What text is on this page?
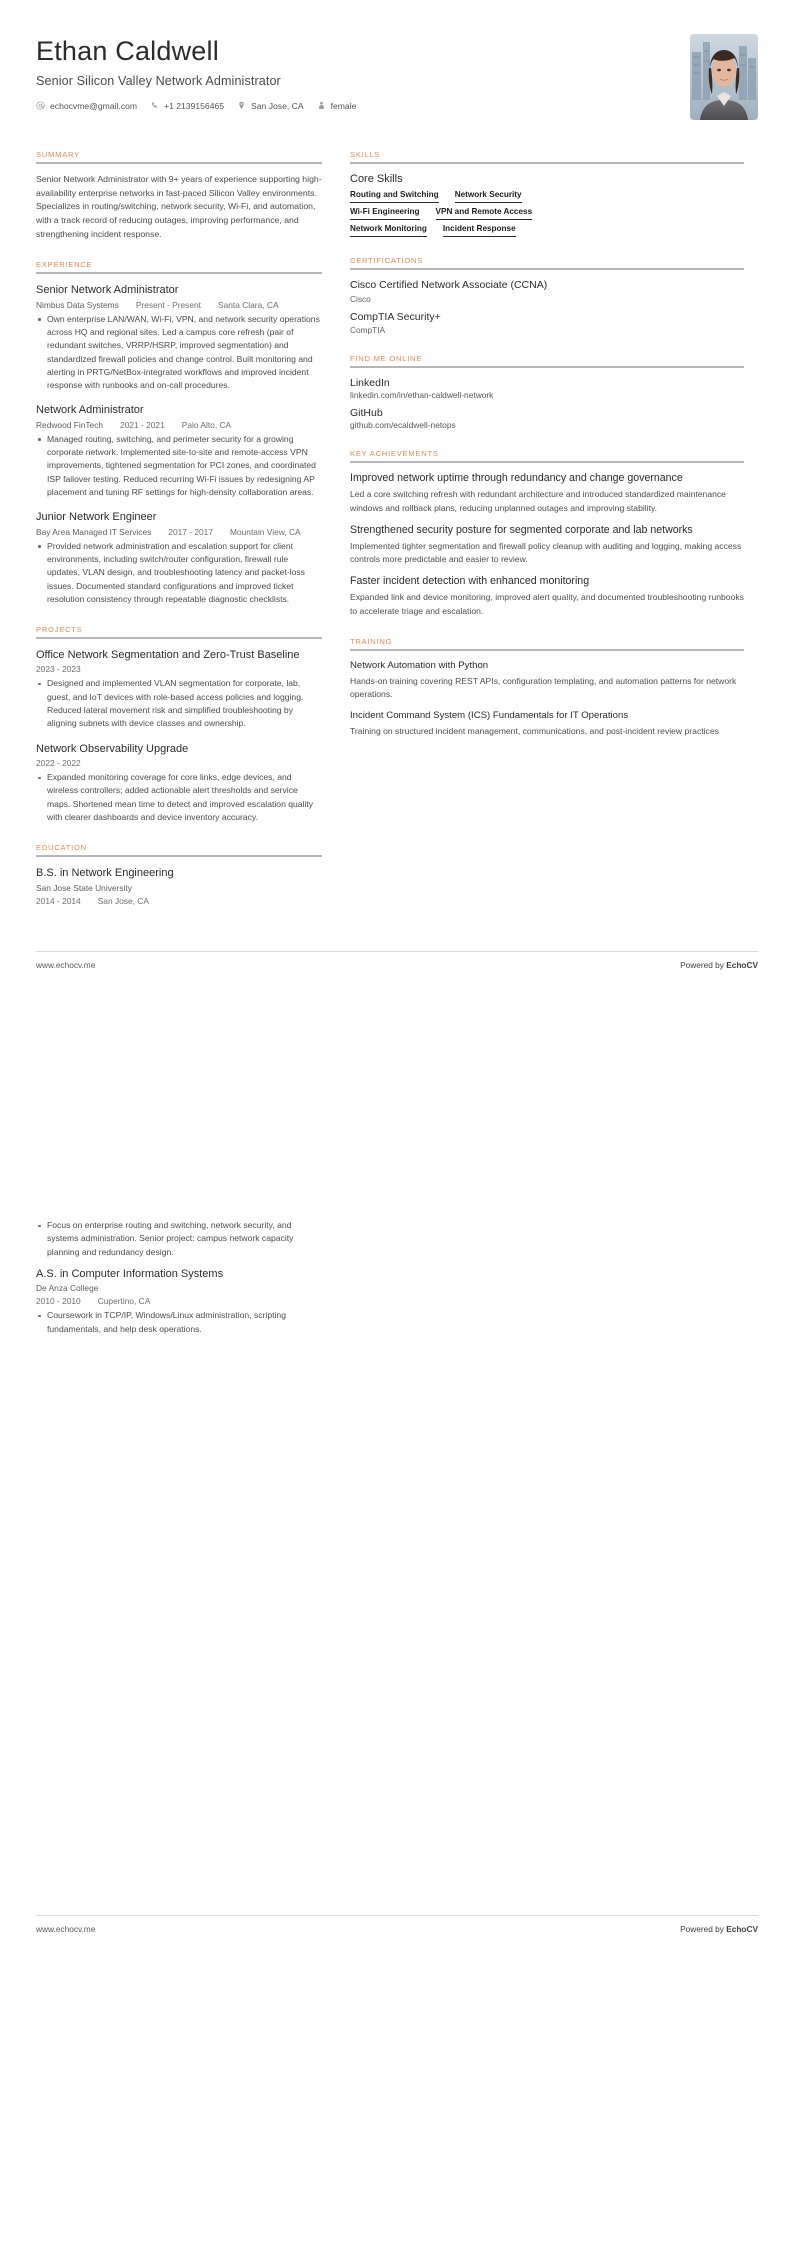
Ethan Caldwell
Senior Silicon Valley Network Administrator
echocvme@gmail.com	+1 2139156465	San Jose, CA	female
SUMMARY
Senior Network Administrator with 9+ years of experience supporting high-availability enterprise networks in fast-paced Silicon Valley environments. Specializes in routing/switching, network security, Wi-Fi, and automation, with a track record of reducing outages, improving performance, and strengthening incident response.
EXPERIENCE
Senior Network Administrator
Nimbus Data Systems Present - Present Santa Clara, CA
Own enterprise LAN/WAN, Wi-Fi, VPN, and network security operations across HQ and regional sites. Led a campus core refresh (pair of redundant switches, VRRP/HSRP, improved segmentation) and standardized firewall policies and change control. Built monitoring and alerting in PRTG/NetBox-integrated workflows and improved incident response with runbooks and on-call procedures.
Network Administrator
Redwood FinTech 2021 - 2021 Palo Alto, CA
Managed routing, switching, and perimeter security for a growing corporate network. Implemented site-to-site and remote-access VPN improvements, tightened segmentation for PCI zones, and coordinated ISP failover testing. Reduced recurring Wi-Fi issues by redesigning AP placement and tuning RF settings for high-density collaboration areas.
Junior Network Engineer
Bay Area Managed IT Services 2017 - 2017 Mountain View, CA
Provided network administration and escalation support for client environments, including switch/router configuration, firewall rule updates, VLAN design, and troubleshooting latency and packet-loss issues. Documented standard configurations and improved ticket resolution consistency through repeatable diagnostic checklists.
PROJECTS
Office Network Segmentation and Zero-Trust Baseline
2023 - 2023
Designed and implemented VLAN segmentation for corporate, lab, guest, and IoT devices with role-based access policies and logging. Reduced lateral movement risk and simplified troubleshooting by aligning subnets with device classes and ownership.
Network Observability Upgrade
2022 - 2022
Expanded monitoring coverage for core links, edge devices, and wireless controllers; added actionable alert thresholds and service maps. Shortened mean time to detect and improved escalation quality with clearer dashboards and device inventory accuracy.
EDUCATION
B.S. in Network Engineering
San Jose State University
2014 - 2014 San Jose, CA
SKILLS
Core Skills
Routing and Switching Network Security
Wi-Fi Engineering VPN and Remote Access
Network Monitoring Incident Response
CERTIFICATIONS
Cisco Certified Network Associate (CCNA)
Cisco
CompTIA Security+
CompTIA
FIND ME ONLINE
LinkedIn
linkedin.com/in/ethan-caldwell-network
GitHub
github.com/ecaldwell-netops
KEY ACHIEVEMENTS
Improved network uptime through redundancy and change governance
Led a core switching refresh with redundant architecture and introduced standardized maintenance windows and rollback plans, reducing unplanned outages and improving stability.
Strengthened security posture for segmented corporate and lab networks
Implemented tighter segmentation and firewall policy cleanup with auditing and logging, making access controls more predictable and easier to review.
Faster incident detection with enhanced monitoring
Expanded link and device monitoring, improved alert quality, and documented troubleshooting runbooks to accelerate triage and escalation.
TRAINING
Network Automation with Python
Hands-on training covering REST APIs, configuration templating, and automation patterns for network operations.
Incident Command System (ICS) Fundamentals for IT Operations
Training on structured incident management, communications, and post-incident review practices
www.echocv.me	Powered by EchoCV
Focus on enterprise routing and switching, network security, and systems administration. Senior project: campus network capacity planning and redundancy design.
A.S. in Computer Information Systems
De Anza College
2010 - 2010 Cupertino, CA
Coursework in TCP/IP, Windows/Linux administration, scripting fundamentals, and help desk operations.
www.echocv.me	Powered by EchoCV
